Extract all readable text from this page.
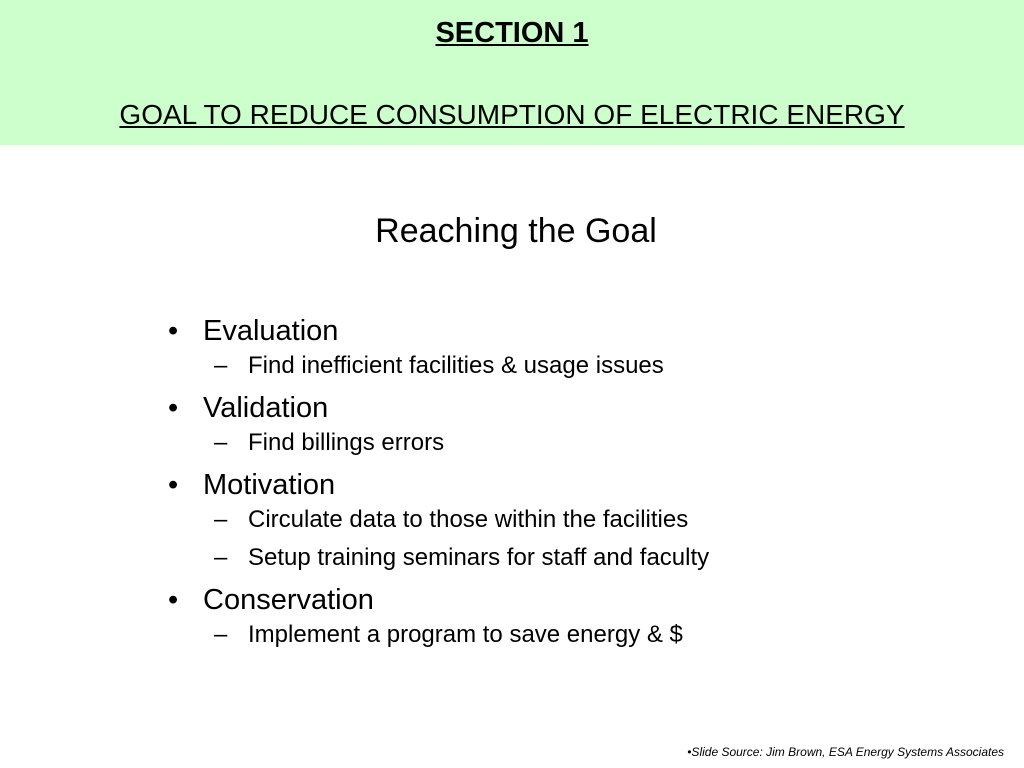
SECTION 1
GOAL TO REDUCE CONSUMPTION OF ELECTRIC ENERGY
Reaching the Goal
• Evaluation
– Find inefficient facilities & usage issues
• Validation
– Find billings errors
• Motivation
– Circulate data to those within the facilities
– Setup training seminars for staff and faculty
• Conservation
– Implement a program to save energy & $
•Slide Source: Jim Brown, ESA Energy Systems Associates
